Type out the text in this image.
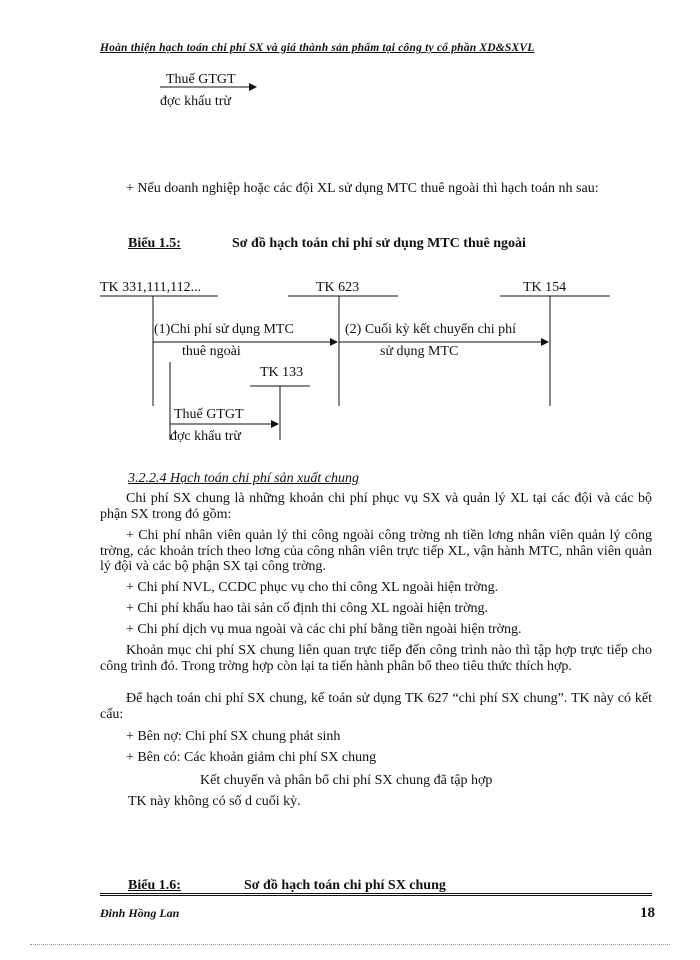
Hoàn thiện hạch toán chi phí SX và giá thành sản phẩm tại công ty cổ phần XD&SXVL
Thuế GTGT
đợc khấu trừ
+ Nếu doanh nghiệp hoặc các đội XL sử dụng MTC thuê ngoài thì hạch toán nh sau:
Biểu 1.5:	Sơ đồ hạch toán chi phí sử dụng MTC thuê ngoài
TK 331,111,112...	TK 623	TK 154
TK 133
(1)Chi phí sử dụng MTC
thuê ngoài
(2) Cuối kỳ kết chuyển chi phí
sử dụng MTC
Thuế GTGT
đợc khấu trừ
3.2.2.4 Hạch toán chi phí sản xuất chung
Chi phí SX chung là những khoản chi phí phục vụ SX và quản lý XL tại các đội và các bộ phận SX trong đó gồm:
+ Chi phí nhân viên quản lý thi công ngoài công trờng nh tiền lơng nhân viên quản lý công trờng, các khoản trích theo lơng của công nhân viên trực tiếp XL, vận hành MTC, nhân viên quản lý đội và các bộ phận SX tại công trờng.
+ Chi phí NVL, CCDC phục vụ cho thi công XL ngoài hiện trờng.
+ Chi phí khấu hao tài sản cố định thi công XL ngoài hiện trờng.
+ Chi phí dịch vụ mua ngoài và các chi phí bằng tiền ngoài hiện trờng.
Khoản mục chi phí SX chung liên quan trực tiếp đến công trình nào thì tập hợp trực tiếp cho công trình đó. Trong trờng hợp còn lại ta tiến hành phân bổ theo tiêu thức thích hợp.
Để hạch toán chi phí SX chung, kế toán sử dụng TK 627 “chi phí SX chung”. TK này có kết cấu:
+ Bên nợ: Chi phí SX chung phát sinh
+ Bên có: Các khoản giảm chi phí SX chung
Kết chuyển và phân bổ chi phí SX chung đã tập hợp
TK này không có số d cuối kỳ.
Biểu 1.6:	Sơ đồ hạch toán chi phí SX chung
Đinh Hồng Lan	18
